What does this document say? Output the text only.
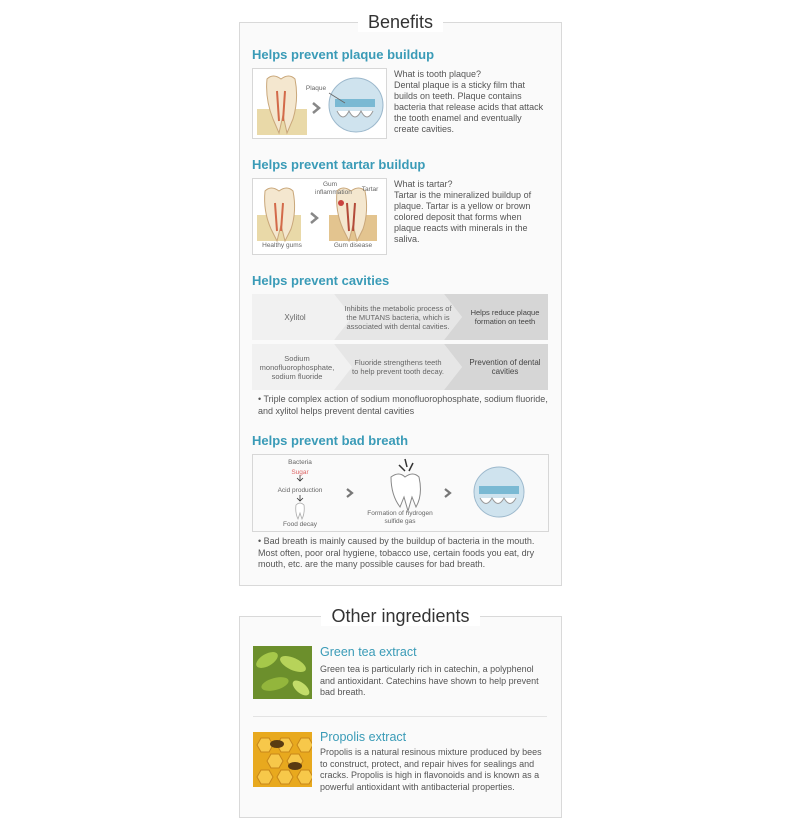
Benefits
Helps prevent plaque buildup
Plaque
What is tooth plaque?
Dental plaque is a sticky film that builds on teeth. Plaque contains bacteria that release acids that attack the tooth enamel and eventually create cavities.
Helps prevent tartar buildup
Gum inflammation	Tartar
Healthy gums	Gum disease
What is tartar?
Tartar is the mineralized buildup of plaque. Tartar is a yellow or brown colored deposit that forms when plaque reacts with minerals in the saliva.
Helps prevent cavities
Xylitol
Inhibits the metabolic process of the MUTANS bacteria, which is associated with dental cavities.
Helps reduce plaque formation on teeth
Sodium monofluorophosphate, sodium fluoride
Fluoride strengthens teeth to help prevent tooth decay.
Prevention of dental cavities
• Triple complex action of sodium monofluorophosphate, sodium fluoride, and xylitol helps prevent dental cavities
Helps prevent bad breath
Bacteria
Sugar
Acid production
Food decay
Formation of hydrogen sulfide gas
• Bad breath is mainly caused by the buildup of bacteria in the mouth. Most often, poor oral hygiene, tobacco use, certain foods you eat, dry mouth, etc. are the many possible causes for bad breath.
Other ingredients
Green tea extract
Green tea is particularly rich in catechin, a polyphenol and antioxidant. Catechins have shown to help prevent bad breath.
Propolis extract
Propolis is a natural resinous mixture produced by bees to construct, protect, and repair hives for sealings and cracks. Propolis is high in flavonoids and is known as a powerful antioxidant with antibacterial properties.
